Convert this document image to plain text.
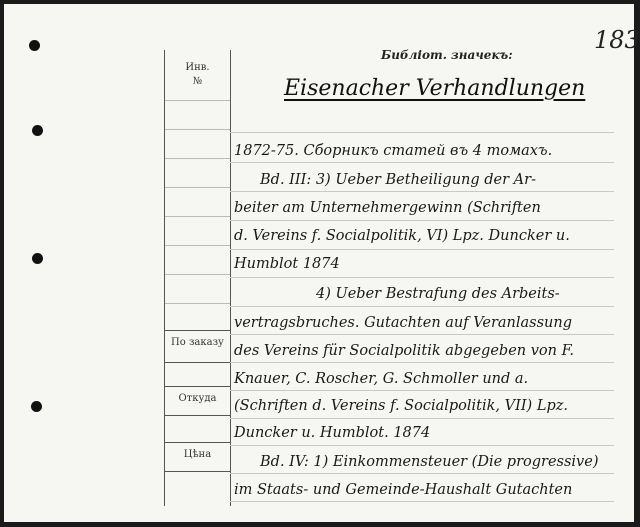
183
Библіот. значекъ:
Инв.
№
По заказу
Откуда
Цѣна
Eisenacher Verhandlungen
1872-75. Сборникъ статей въ 4 томахъ.
Bd. III: 3) Ueber Betheiligung der Ar-
beiter am Unternehmergewinn (Schriften
d. Vereins f. Socialpolitik, VI) Lpz. Duncker u.
Humblot 1874
4) Ueber Bestrafung des Arbeits-
vertragsbruches. Gutachten auf Veranlassung
des Vereins für Socialpolitik abgegeben von F.
Knauer, C. Roscher, G. Schmoller und a.
(Schriften d. Vereins f. Socialpolitik, VII) Lpz.
Duncker u. Humblot. 1874
Bd. IV: 1) Einkommensteuer (Die progressive)
im Staats- und Gemeinde-Haushalt Gutachten
